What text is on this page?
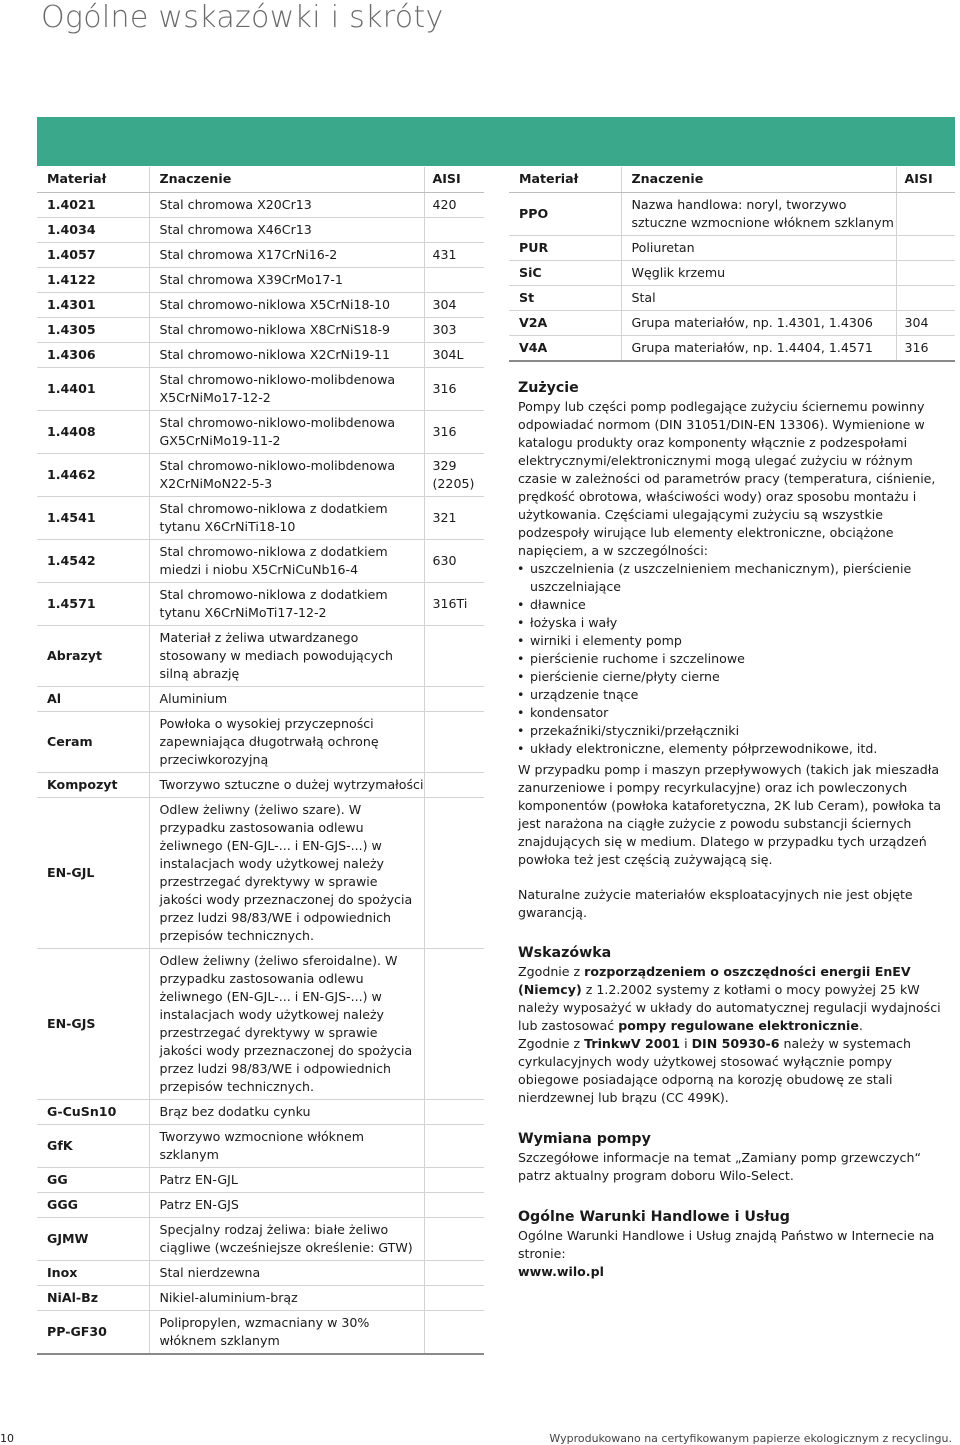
Ogólne wskazówki i skróty
Materiał	Znaczenie	AISI
1.4021	Stal chromowa X20Cr13	420
1.4034	Stal chromowa X46Cr13	
1.4057	Stal chromowa X17CrNi16-2	431
1.4122	Stal chromowa X39CrMo17-1	
1.4301	Stal chromowo-niklowa X5CrNi18-10	304
1.4305	Stal chromowo-niklowa X8CrNiS18-9	303
1.4306	Stal chromowo-niklowa X2CrNi19-11	304L
1.4401	Stal chromowo-niklowo-molibdenowa X5CrNiMo17-12-2	316
1.4408	Stal chromowo-niklowo-molibdenowa GX5CrNiMo19-11-2	316
1.4462	Stal chromowo-niklowo-molibdenowa X2CrNiMoN22-5-3	329 (2205)
1.4541	Stal chromowo-niklowa z dodatkiem tytanu X6CrNiTi18-10	321
1.4542	Stal chromowo-niklowa z dodatkiem miedzi i niobu X5CrNiCuNb16-4	630
1.4571	Stal chromowo-niklowa z dodatkiem tytanu X6CrNiMoTi17-12-2	316Ti
Abrazyt	Materiał z żeliwa utwardzanego stosowany w mediach powodujących silną abrazję	
Al	Aluminium	
Ceram	Powłoka o wysokiej przyczepności zapewniająca długotrwałą ochronę przeciwkorozyjną	
Kompozyt	Tworzywo sztuczne o dużej wytrzymałości	
EN-GJL	Odlew żeliwny (żeliwo szare). W przypadku zastosowania odlewu żeliwnego (EN-GJL-... i EN-GJS-...) w instalacjach wody użytkowej należy przestrzegać dyrektywy w sprawie jakości wody przeznaczonej do spożycia przez ludzi 98/83/WE i odpowiednich przepisów technicznych.	
EN-GJS	Odlew żeliwny (żeliwo sferoidalne). W przypadku zastosowania odlewu żeliwnego (EN-GJL-... i EN-GJS-...) w instalacjach wody użytkowej należy przestrzegać dyrektywy w sprawie jakości wody przeznaczonej do spożycia przez ludzi 98/83/WE i odpowiednich przepisów technicznych.	
G-CuSn10	Brąz bez dodatku cynku	
GfK	Tworzywo wzmocnione włóknem szklanym	
GG	Patrz EN-GJL	
GGG	Patrz EN-GJS	
GJMW	Specjalny rodzaj żeliwa: białe żeliwo ciągliwe (wcześniejsze określenie: GTW)	
Inox	Stal nierdzewna	
NiAl-Bz	Nikiel-aluminium-brąz	
PP-GF30	Polipropylen, wzmacniany w 30% włóknem szklanym	
Materiał	Znaczenie	AISI
PPO	Nazwa handlowa: noryl, tworzywo sztuczne wzmocnione włóknem szklanym	
PUR	Poliuretan	
SiC	Węglik krzemu	
St	Stal	
V2A	Grupa materiałów, np. 1.4301, 1.4306	304
V4A	Grupa materiałów, np. 1.4404, 1.4571	316
Zużycie

Pompy lub części pomp podlegające zużyciu ściernemu powinny odpowiadać normom (DIN 31051/DIN-EN 13306). Wymienione w katalogu produkty oraz komponenty włącznie z podzespołami elektrycznymi/elektronicznymi mogą ulegać zużyciu w różnym czasie w zależności od parametrów pracy (temperatura, ciśnienie, prędkość obrotowa, właściwości wody) oraz sposobu montażu i użytkowania. Częściami ulegającymi zużyciu są wszystkie podzespoły wirujące lub elementy elektroniczne, obciążone napięciem, a w szczególności:

• uszczelnienia (z uszczelnieniem mechanicznym), pierścienie uszczelniające
• dławnice
• łożyska i wały
• wirniki i elementy pomp
• pierścienie ruchome i szczelinowe
• pierścienie cierne/płyty cierne
• urządzenie tnące
• kondensator
• przekaźniki/styczniki/przełączniki
• układy elektroniczne, elementy półprzewodnikowe, itd.

W przypadku pomp i maszyn przepływowych (takich jak mieszadła zanurzeniowe i pompy recyrkulacyjne) oraz ich powleczonych komponentów (powłoka kataforetyczna, 2K lub Ceram), powłoka ta jest narażona na ciągłe zużycie z powodu substancji ściernych znajdujących się w medium. Dlatego w przypadku tych urządzeń powłoka też jest częścią zużywającą się.

Naturalne zużycie materiałów eksploatacyjnych nie jest objęte gwarancją.

Wskazówka

Zgodnie z rozporządzeniem o oszczędności energii EnEV (Niemcy) z 1.2.2002 systemy z kotłami o mocy powyżej 25 kW należy wyposażyć w układy do automatycznej regulacji wydajności lub zastosować pompy regulowane elektronicznie.

Zgodnie z TrinkwV 2001 i DIN 50930-6 należy w systemach cyrkulacyjnych wody użytkowej stosować wyłącznie pompy obiegowe posiadające odporną na korozję obudowę ze stali nierdzewnej lub brązu (CC 499K).

Wymiana pompy

Szczegółowe informacje na temat „Zamiany pomp grzewczych“ patrz aktualny program doboru Wilo-Select.

Ogólne Warunki Handlowe i Usług

Ogólne Warunki Handlowe i Usług znajdą Państwo w Internecie na stronie:

www.wilo.pl

10	Wyprodukowano na certyfikowanym papierze ekologicznym z recyclingu.
